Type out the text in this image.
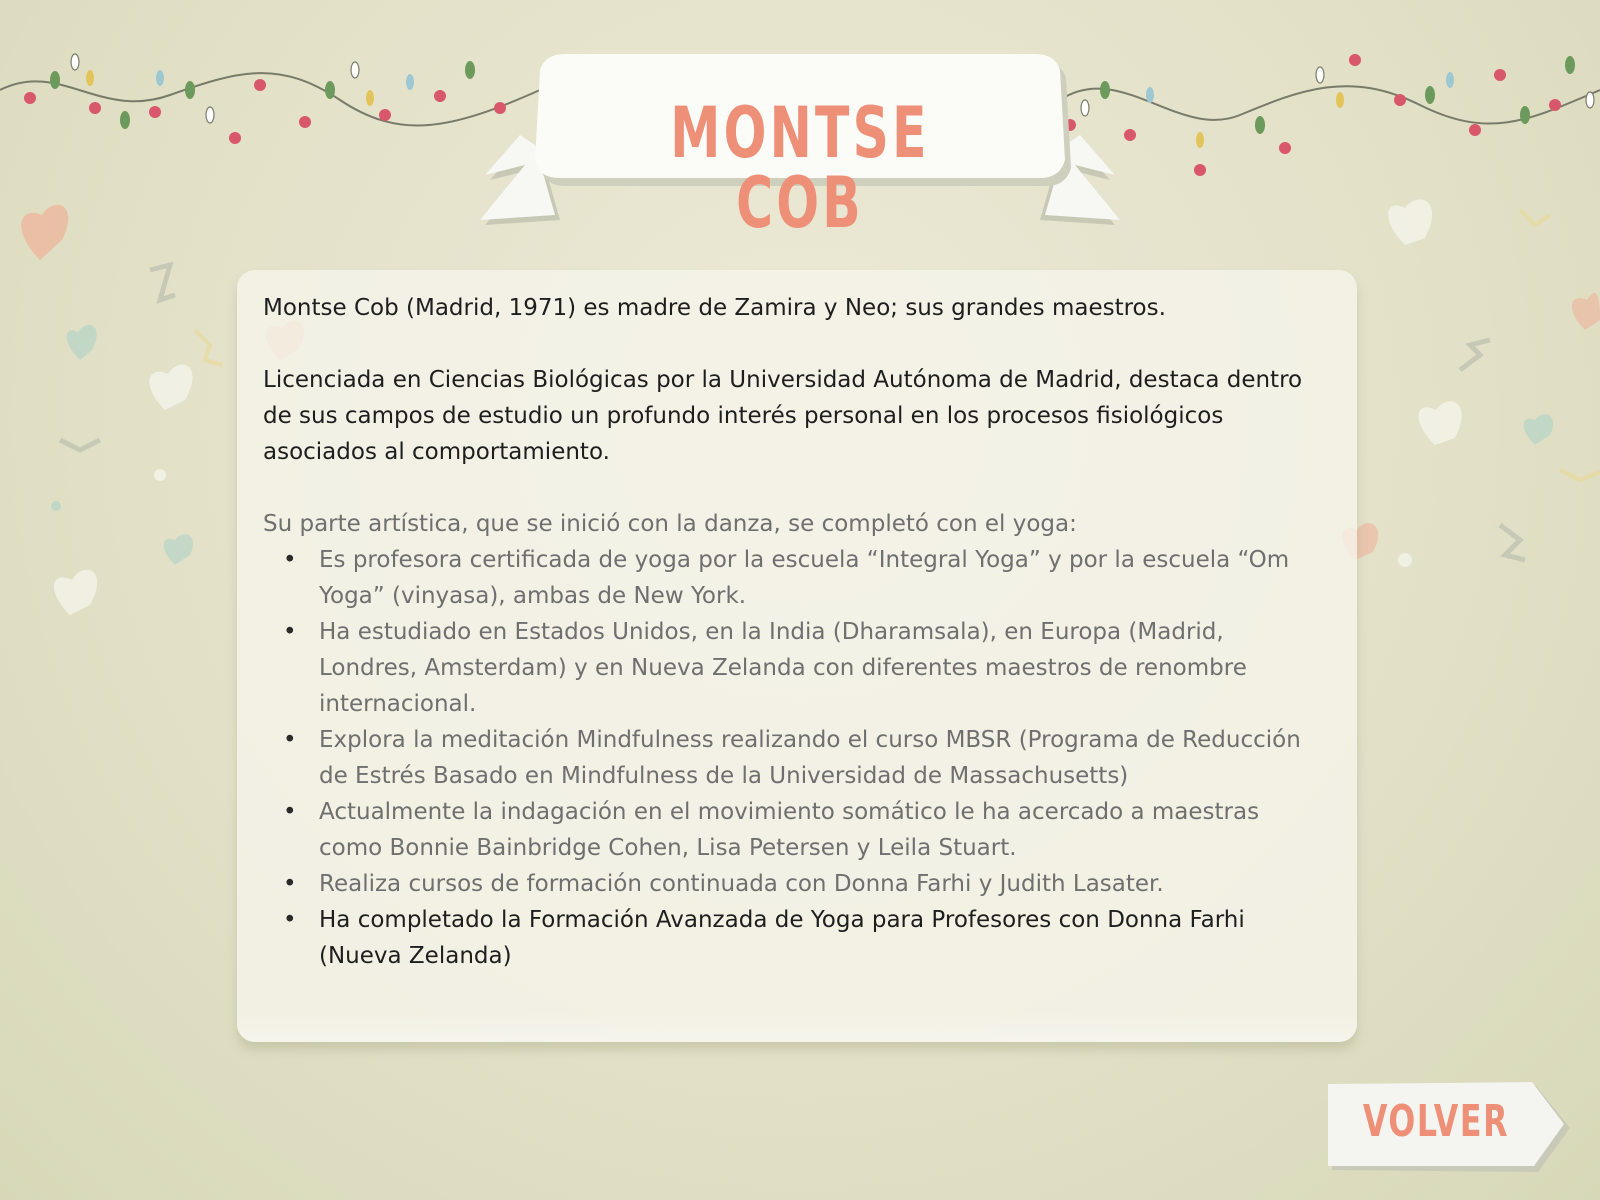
MONTSE COB

Montse Cob (Madrid, 1971) es madre de Zamira y Neo; sus grandes maestros.

Licenciada en Ciencias Biológicas por la Universidad Autónoma de Madrid, destaca dentro de sus campos de estudio un profundo interés personal en los procesos fisiológicos asociados al comportamiento.

Su parte artística, que se inició con la danza, se completó con el yoga:
•
Es profesora certificada de yoga por la escuela “Integral Yoga” y por la escuela “Om Yoga” (vinyasa), ambas de New York.
•
Ha estudiado en Estados Unidos, en la India (Dharamsala), en Europa (Madrid, Londres, Amsterdam) y en Nueva Zelanda con diferentes maestros de renombre internacional.
•
Explora la meditación Mindfulness realizando el curso MBSR (Programa de Reducción de Estrés Basado en Mindfulness de la Universidad de Massachusetts)
•
Actualmente la indagación en el movimiento somático le ha acercado a maestras como Bonnie Bainbridge Cohen, Lisa Petersen y Leila Stuart.
•
Realiza cursos de formación continuada con Donna Farhi y Judith Lasater.
•
Ha completado la Formación Avanzada de Yoga para Profesores con Donna Farhi (Nueva Zelanda)
VOLVER
